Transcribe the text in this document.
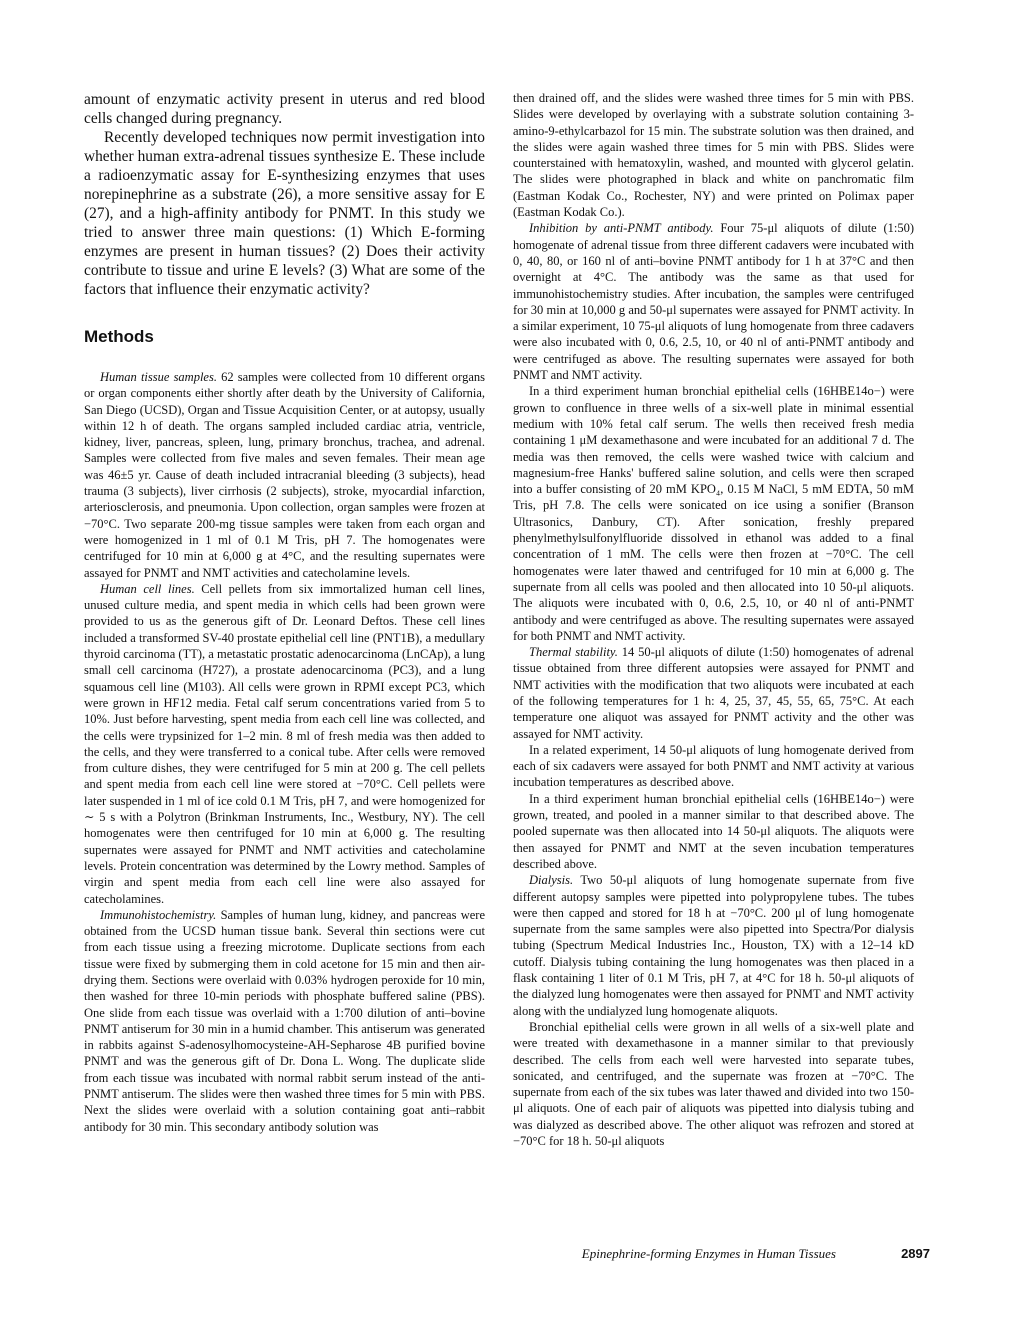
amount of enzymatic activity present in uterus and red blood cells changed during pregnancy.

Recently developed techniques now permit investigation into whether human extra-adrenal tissues synthesize E. These include a radioenzymatic assay for E-synthesizing enzymes that uses norepinephrine as a substrate (26), a more sensitive assay for E (27), and a high-affinity antibody for PNMT. In this study we tried to answer three main questions: (1) Which E-forming enzymes are present in human tissues? (2) Does their activity contribute to tissue and urine E levels? (3) What are some of the factors that influence their enzymatic activity?

Methods

Human tissue samples. 62 samples were collected from 10 different organs or organ components either shortly after death by the University of California, San Diego (UCSD), Organ and Tissue Acquisition Center, or at autopsy, usually within 12 h of death. The organs sampled included cardiac atria, ventricle, kidney, liver, pancreas, spleen, lung, primary bronchus, trachea, and adrenal. Samples were collected from five males and seven females. Their mean age was 46±5 yr. Cause of death included intracranial bleeding (3 subjects), head trauma (3 subjects), liver cirrhosis (2 subjects), stroke, myocardial infarction, arteriosclerosis, and pneumonia. Upon collection, organ samples were frozen at −70°C. Two separate 200-mg tissue samples were taken from each organ and were homogenized in 1 ml of 0.1 M Tris, pH 7. The homogenates were centrifuged for 10 min at 6,000 g at 4°C, and the resulting supernates were assayed for PNMT and NMT activities and catecholamine levels.

Human cell lines. Cell pellets from six immortalized human cell lines, unused culture media, and spent media in which cells had been grown were provided to us as the generous gift of Dr. Leonard Deftos. These cell lines included a transformed SV-40 prostate epithelial cell line (PNT1B), a medullary thyroid carcinoma (TT), a metastatic prostatic adenocarcinoma (LnCAp), a lung small cell carcinoma (H727), a prostate adenocarcinoma (PC3), and a lung squamous cell line (M103). All cells were grown in RPMI except PC3, which were grown in HF12 media. Fetal calf serum concentrations varied from 5 to 10%. Just before harvesting, spent media from each cell line was collected, and the cells were trypsinized for 1–2 min. 8 ml of fresh media was then added to the cells, and they were transferred to a conical tube. After cells were removed from culture dishes, they were centrifuged for 5 min at 200 g. The cell pellets and spent media from each cell line were stored at −70°C. Cell pellets were later suspended in 1 ml of ice cold 0.1 M Tris, pH 7, and were homogenized for ∼ 5 s with a Polytron (Brinkman Instruments, Inc., Westbury, NY). The cell homogenates were then centrifuged for 10 min at 6,000 g. The resulting supernates were assayed for PNMT and NMT activities and catecholamine levels. Protein concentration was determined by the Lowry method. Samples of virgin and spent media from each cell line were also assayed for catecholamines.

Immunohistochemistry. Samples of human lung, kidney, and pancreas were obtained from the UCSD human tissue bank. Several thin sections were cut from each tissue using a freezing microtome. Duplicate sections from each tissue were fixed by submerging them in cold acetone for 15 min and then air-drying them. Sections were overlaid with 0.03% hydrogen peroxide for 10 min, then washed for three 10-min periods with phosphate buffered saline (PBS). One slide from each tissue was overlaid with a 1:700 dilution of anti–bovine PNMT antiserum for 30 min in a humid chamber. This antiserum was generated in rabbits against S-adenosylhomocysteine-AH-Sepharose 4B purified bovine PNMT and was the generous gift of Dr. Dona L. Wong. The duplicate slide from each tissue was incubated with normal rabbit serum instead of the anti-PNMT antiserum. The slides were then washed three times for 5 min with PBS. Next the slides were overlaid with a solution containing goat anti–rabbit antibody for 30 min. This secondary antibody solution was

then drained off, and the slides were washed three times for 5 min with PBS. Slides were developed by overlaying with a substrate solution containing 3-amino-9-ethylcarbazol for 15 min. The substrate solution was then drained, and the slides were again washed three times for 5 min with PBS. Slides were counterstained with hematoxylin, washed, and mounted with glycerol gelatin. The slides were photographed in black and white on panchromatic film (Eastman Kodak Co., Rochester, NY) and were printed on Polimax paper (Eastman Kodak Co.).

Inhibition by anti-PNMT antibody. Four 75-μl aliquots of dilute (1:50) homogenate of adrenal tissue from three different cadavers were incubated with 0, 40, 80, or 160 nl of anti–bovine PNMT antibody for 1 h at 37°C and then overnight at 4°C. The antibody was the same as that used for immunohistochemistry studies. After incubation, the samples were centrifuged for 30 min at 10,000 g and 50-μl supernates were assayed for PNMT activity. In a similar experiment, 10 75-μl aliquots of lung homogenate from three cadavers were also incubated with 0, 0.6, 2.5, 10, or 40 nl of anti-PNMT antibody and were centrifuged as above. The resulting supernates were assayed for both PNMT and NMT activity.

In a third experiment human bronchial epithelial cells (16HBE14o−) were grown to confluence in three wells of a six-well plate in minimal essential medium with 10% fetal calf serum. The wells then received fresh media containing 1 μM dexamethasone and were incubated for an additional 7 d. The media was then removed, the cells were washed twice with calcium and magnesium-free Hanks' buffered saline solution, and cells were then scraped into a buffer consisting of 20 mM KPO₄, 0.15 M NaCl, 5 mM EDTA, 50 mM Tris, pH 7.8. The cells were sonicated on ice using a sonifier (Branson Ultrasonics, Danbury, CT). After sonication, freshly prepared phenylmethylsulfonylfluoride dissolved in ethanol was added to a final concentration of 1 mM. The cells were then frozen at −70°C. The cell homogenates were later thawed and centrifuged for 10 min at 6,000 g. The supernate from all cells was pooled and then allocated into 10 50-μl aliquots. The aliquots were incubated with 0, 0.6, 2.5, 10, or 40 nl of anti-PNMT antibody and were centrifuged as above. The resulting supernates were assayed for both PNMT and NMT activity.

Thermal stability. 14 50-μl aliquots of dilute (1:50) homogenates of adrenal tissue obtained from three different autopsies were assayed for PNMT and NMT activities with the modification that two aliquots were incubated at each of the following temperatures for 1 h: 4, 25, 37, 45, 55, 65, 75°C. At each temperature one aliquot was assayed for PNMT activity and the other was assayed for NMT activity.

In a related experiment, 14 50-μl aliquots of lung homogenate derived from each of six cadavers were assayed for both PNMT and NMT activity at various incubation temperatures as described above.

In a third experiment human bronchial epithelial cells (16HBE14o−) were grown, treated, and pooled in a manner similar to that described above. The pooled supernate was then allocated into 14 50-μl aliquots. The aliquots were then assayed for PNMT and NMT at the seven incubation temperatures described above.

Dialysis. Two 50-μl aliquots of lung homogenate supernate from five different autopsy samples were pipetted into polypropylene tubes. The tubes were then capped and stored for 18 h at −70°C. 200 μl of lung homogenate supernate from the same samples were also pipetted into Spectra/Por dialysis tubing (Spectrum Medical Industries Inc., Houston, TX) with a 12–14 kD cutoff. Dialysis tubing containing the lung homogenates was then placed in a flask containing 1 liter of 0.1 M Tris, pH 7, at 4°C for 18 h. 50-μl aliquots of the dialyzed lung homogenates were then assayed for PNMT and NMT activity along with the undialyzed lung homogenate aliquots.

Bronchial epithelial cells were grown in all wells of a six-well plate and were treated with dexamethasone in a manner similar to that previously described. The cells from each well were harvested into separate tubes, sonicated, and centrifuged, and the supernate was frozen at −70°C. The supernate from each of the six tubes was later thawed and divided into two 150-μl aliquots. One of each pair of aliquots was pipetted into dialysis tubing and was dialyzed as described above. The other aliquot was refrozen and stored at −70°C for 18 h. 50-μl aliquots

Epinephrine-forming Enzymes in Human Tissues	2897
